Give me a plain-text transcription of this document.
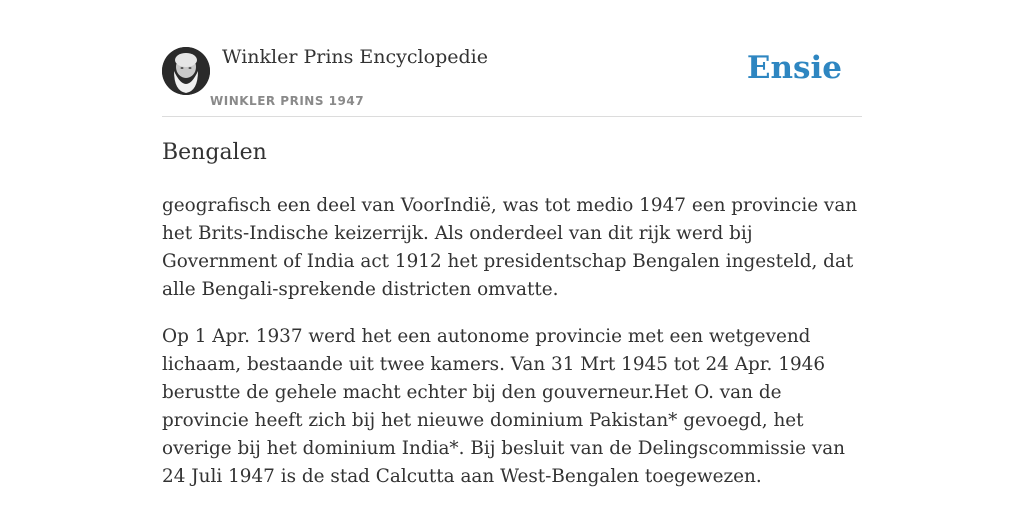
Winkler Prins Encyclopedie
WINKLER PRINS 1947
Ensie
Bengalen

geografisch een deel van VoorIndië, was tot medio 1947 een provincie van het Brits-Indische keizerrijk. Als onderdeel van dit rijk werd bij Government of India act 1912 het presidentschap Bengalen ingesteld, dat alle Bengali-sprekende districten omvatte.

Op 1 Apr. 1937 werd het een autonome provincie met een wetgevend lichaam, bestaande uit twee kamers. Van 31 Mrt 1945 tot 24 Apr. 1946 berustte de gehele macht echter bij den gouverneur.Het O. van de provincie heeft zich bij het nieuwe dominium Pakistan* gevoegd, het overige bij het dominium India*. Bij besluit van de Delingscommissie van 24 Juli 1947 is de stad Calcutta aan West-Bengalen toegewezen.
